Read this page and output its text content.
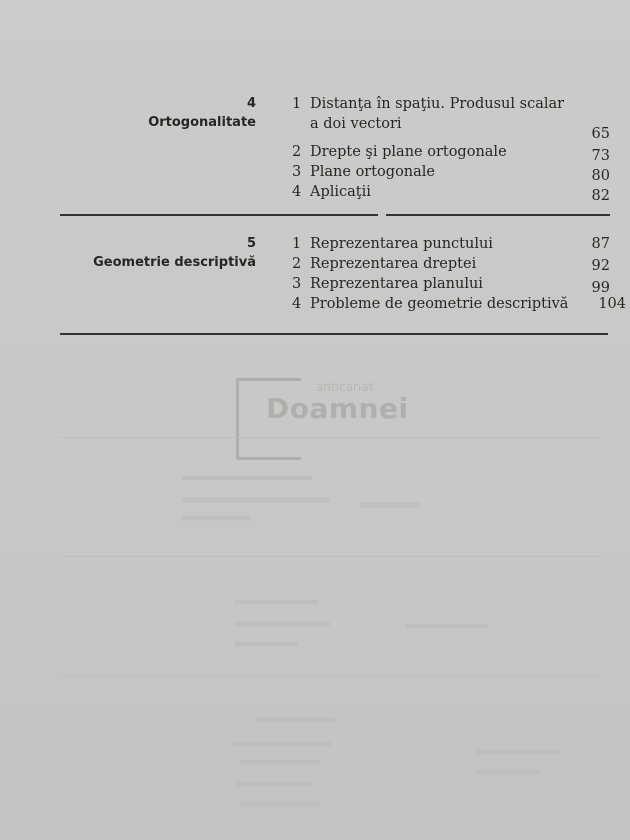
4
Ortogonalitate
1 Distanţa în spaţiu. Produsul scalar
a doi vectori
65
2 Drepte şi plane ortogonale	73
3 Plane ortogonale	80
4 Aplicaţii	82
5
Geometrie descriptivă
1 Reprezentarea punctului	87
2 Reprezentarea dreptei	92
3 Reprezentarea planului	99
4 Probleme de geometrie descriptivă	104
anticariat
Doamnei
